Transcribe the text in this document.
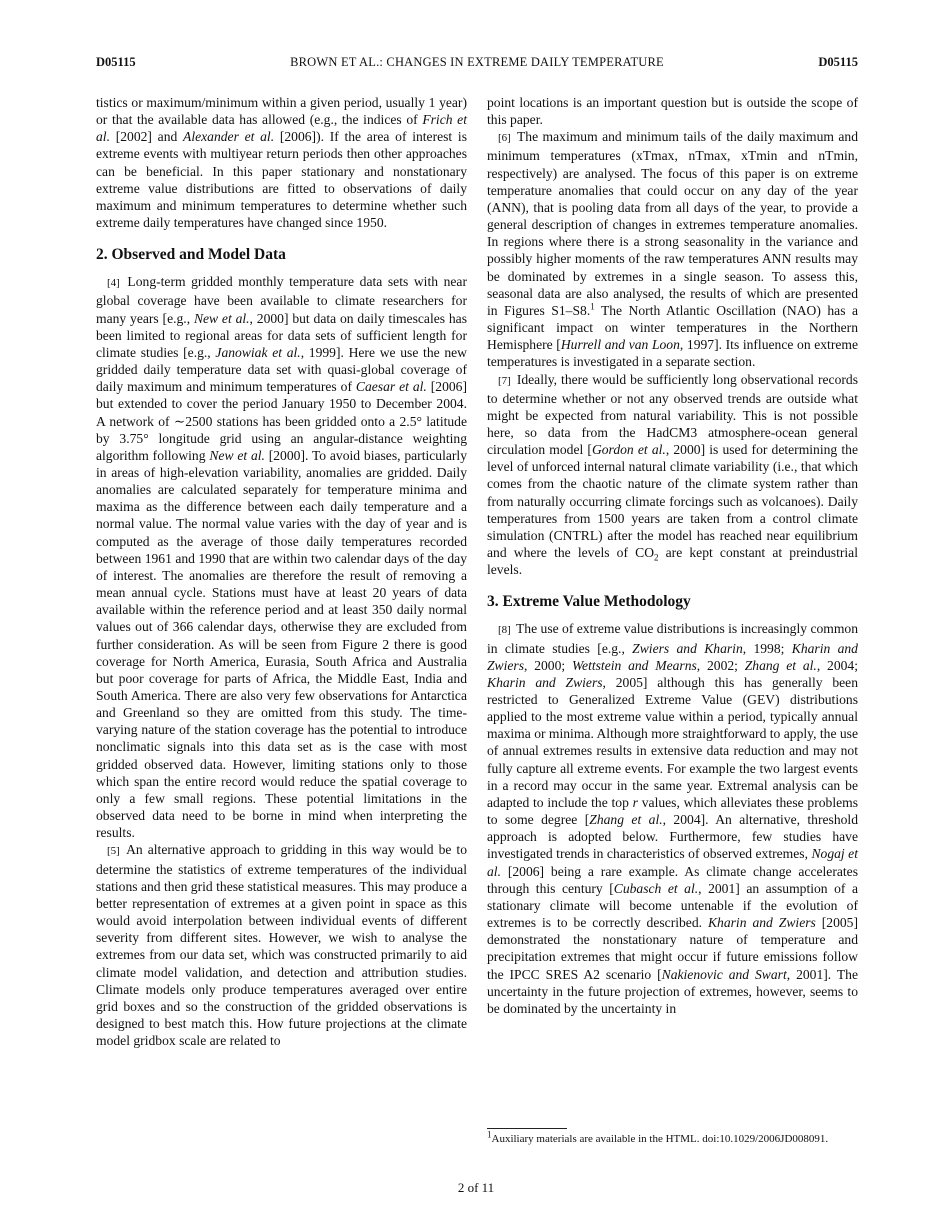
D05115	BROWN ET AL.: CHANGES IN EXTREME DAILY TEMPERATURE	D05115

tistics or maximum/minimum within a given period, usually 1 year) or that the available data has allowed (e.g., the indices of Frich et al. [2002] and Alexander et al. [2006]). If the area of interest is extreme events with multiyear return periods then other approaches can be beneficial. In this paper stationary and nonstationary extreme value distributions are fitted to observations of daily maximum and minimum temperatures to determine whether such extreme daily temperatures have changed since 1950.

2. Observed and Model Data

[4] Long-term gridded monthly temperature data sets with near global coverage have been available to climate researchers for many years [e.g., New et al., 2000] but data on daily timescales has been limited to regional areas for data sets of sufficient length for climate studies [e.g., Janowiak et al., 1999]. Here we use the new gridded daily temperature data set with quasi-global coverage of daily maximum and minimum temperatures of Caesar et al. [2006] but extended to cover the period January 1950 to December 2004. A network of ∼2500 stations has been gridded onto a 2.5° latitude by 3.75° longitude grid using an angular-distance weighting algorithm following New et al. [2000]. To avoid biases, particularly in areas of high-elevation variability, anomalies are gridded. Daily anomalies are calculated separately for temperature minima and maxima as the difference between each daily temperature and a normal value. The normal value varies with the day of year and is computed as the average of those daily temperatures recorded between 1961 and 1990 that are within two calendar days of the day of interest. The anomalies are therefore the result of removing a mean annual cycle. Stations must have at least 20 years of data available within the reference period and at least 350 daily normal values out of 366 calendar days, otherwise they are excluded from further consideration. As will be seen from Figure 2 there is good coverage for North America, Eurasia, South Africa and Australia but poor coverage for parts of Africa, the Middle East, India and South America. There are also very few observations for Antarctica and Greenland so they are omitted from this study. The time-varying nature of the station coverage has the potential to introduce nonclimatic signals into this data set as is the case with most gridded observed data. However, limiting stations only to those which span the entire record would reduce the spatial coverage to only a few small regions. These potential limitations in the observed data need to be borne in mind when interpreting the results.

[5] An alternative approach to gridding in this way would be to determine the statistics of extreme temperatures of the individual stations and then grid these statistical measures. This may produce a better representation of extremes at a given point in space as this would avoid interpolation between individual events of different severity from different sites. However, we wish to analyse the extremes from our data set, which was constructed primarily to aid climate model validation, and detection and attribution studies. Climate models only produce temperatures averaged over entire grid boxes and so the construction of the gridded observations is designed to best match this. How future projections at the climate model gridbox scale are related to

point locations is an important question but is outside the scope of this paper.

[6] The maximum and minimum tails of the daily maximum and minimum temperatures (xTmax, nTmax, xTmin and nTmin, respectively) are analysed. The focus of this paper is on extreme temperature anomalies that could occur on any day of the year (ANN), that is pooling data from all days of the year, to provide a general description of changes in extremes temperature anomalies. In regions where there is a strong seasonality in the variance and possibly higher moments of the raw temperatures ANN results may be dominated by extremes in a single season. To assess this, seasonal data are also analysed, the results of which are presented in Figures S1–S8.$^1$ The North Atlantic Oscillation (NAO) has a significant impact on winter temperatures in the Northern Hemisphere [Hurrell and van Loon, 1997]. Its influence on extreme temperatures is investigated in a separate section.

[7] Ideally, there would be sufficiently long observational records to determine whether or not any observed trends are outside what might be expected from natural variability. This is not possible here, so data from the HadCM3 atmosphere-ocean general circulation model [Gordon et al., 2000] is used for determining the level of unforced internal natural climate variability (i.e., that which comes from the chaotic nature of the climate system rather than from naturally occurring climate forcings such as volcanoes). Daily temperatures from 1500 years are taken from a control climate simulation (CNTRL) after the model has reached near equilibrium and where the levels of $CO_2$ are kept constant at preindustrial levels.

3. Extreme Value Methodology

[8] The use of extreme value distributions is increasingly common in climate studies [e.g., Zwiers and Kharin, 1998; Kharin and Zwiers, 2000; Wettstein and Mearns, 2002; Zhang et al., 2004; Kharin and Zwiers, 2005] although this has generally been restricted to Generalized Extreme Value (GEV) distributions applied to the most extreme value within a period, typically annual maxima or minima. Although more straightforward to apply, the use of annual extremes results in extensive data reduction and may not fully capture all extreme events. For example the two largest events in a record may occur in the same year. Extremal analysis can be adapted to include the top r values, which alleviates these problems to some degree [Zhang et al., 2004]. An alternative, threshold approach is adopted below. Furthermore, few studies have investigated trends in characteristics of observed extremes, Nogaj et al. [2006] being a rare example. As climate change accelerates through this century [Cubasch et al., 2001] an assumption of a stationary climate will become untenable if the evolution of extremes is to be correctly described. Kharin and Zwiers [2005] demonstrated the nonstationary nature of temperature and precipitation extremes that might occur if future emissions follow the IPCC SRES A2 scenario [Nakienovic and Swart, 2001]. The uncertainty in the future projection of extremes, however, seems to be dominated by the uncertainty in

$^1$Auxiliary materials are available in the HTML. doi:10.1029/2006JD008091.
2 of 11
